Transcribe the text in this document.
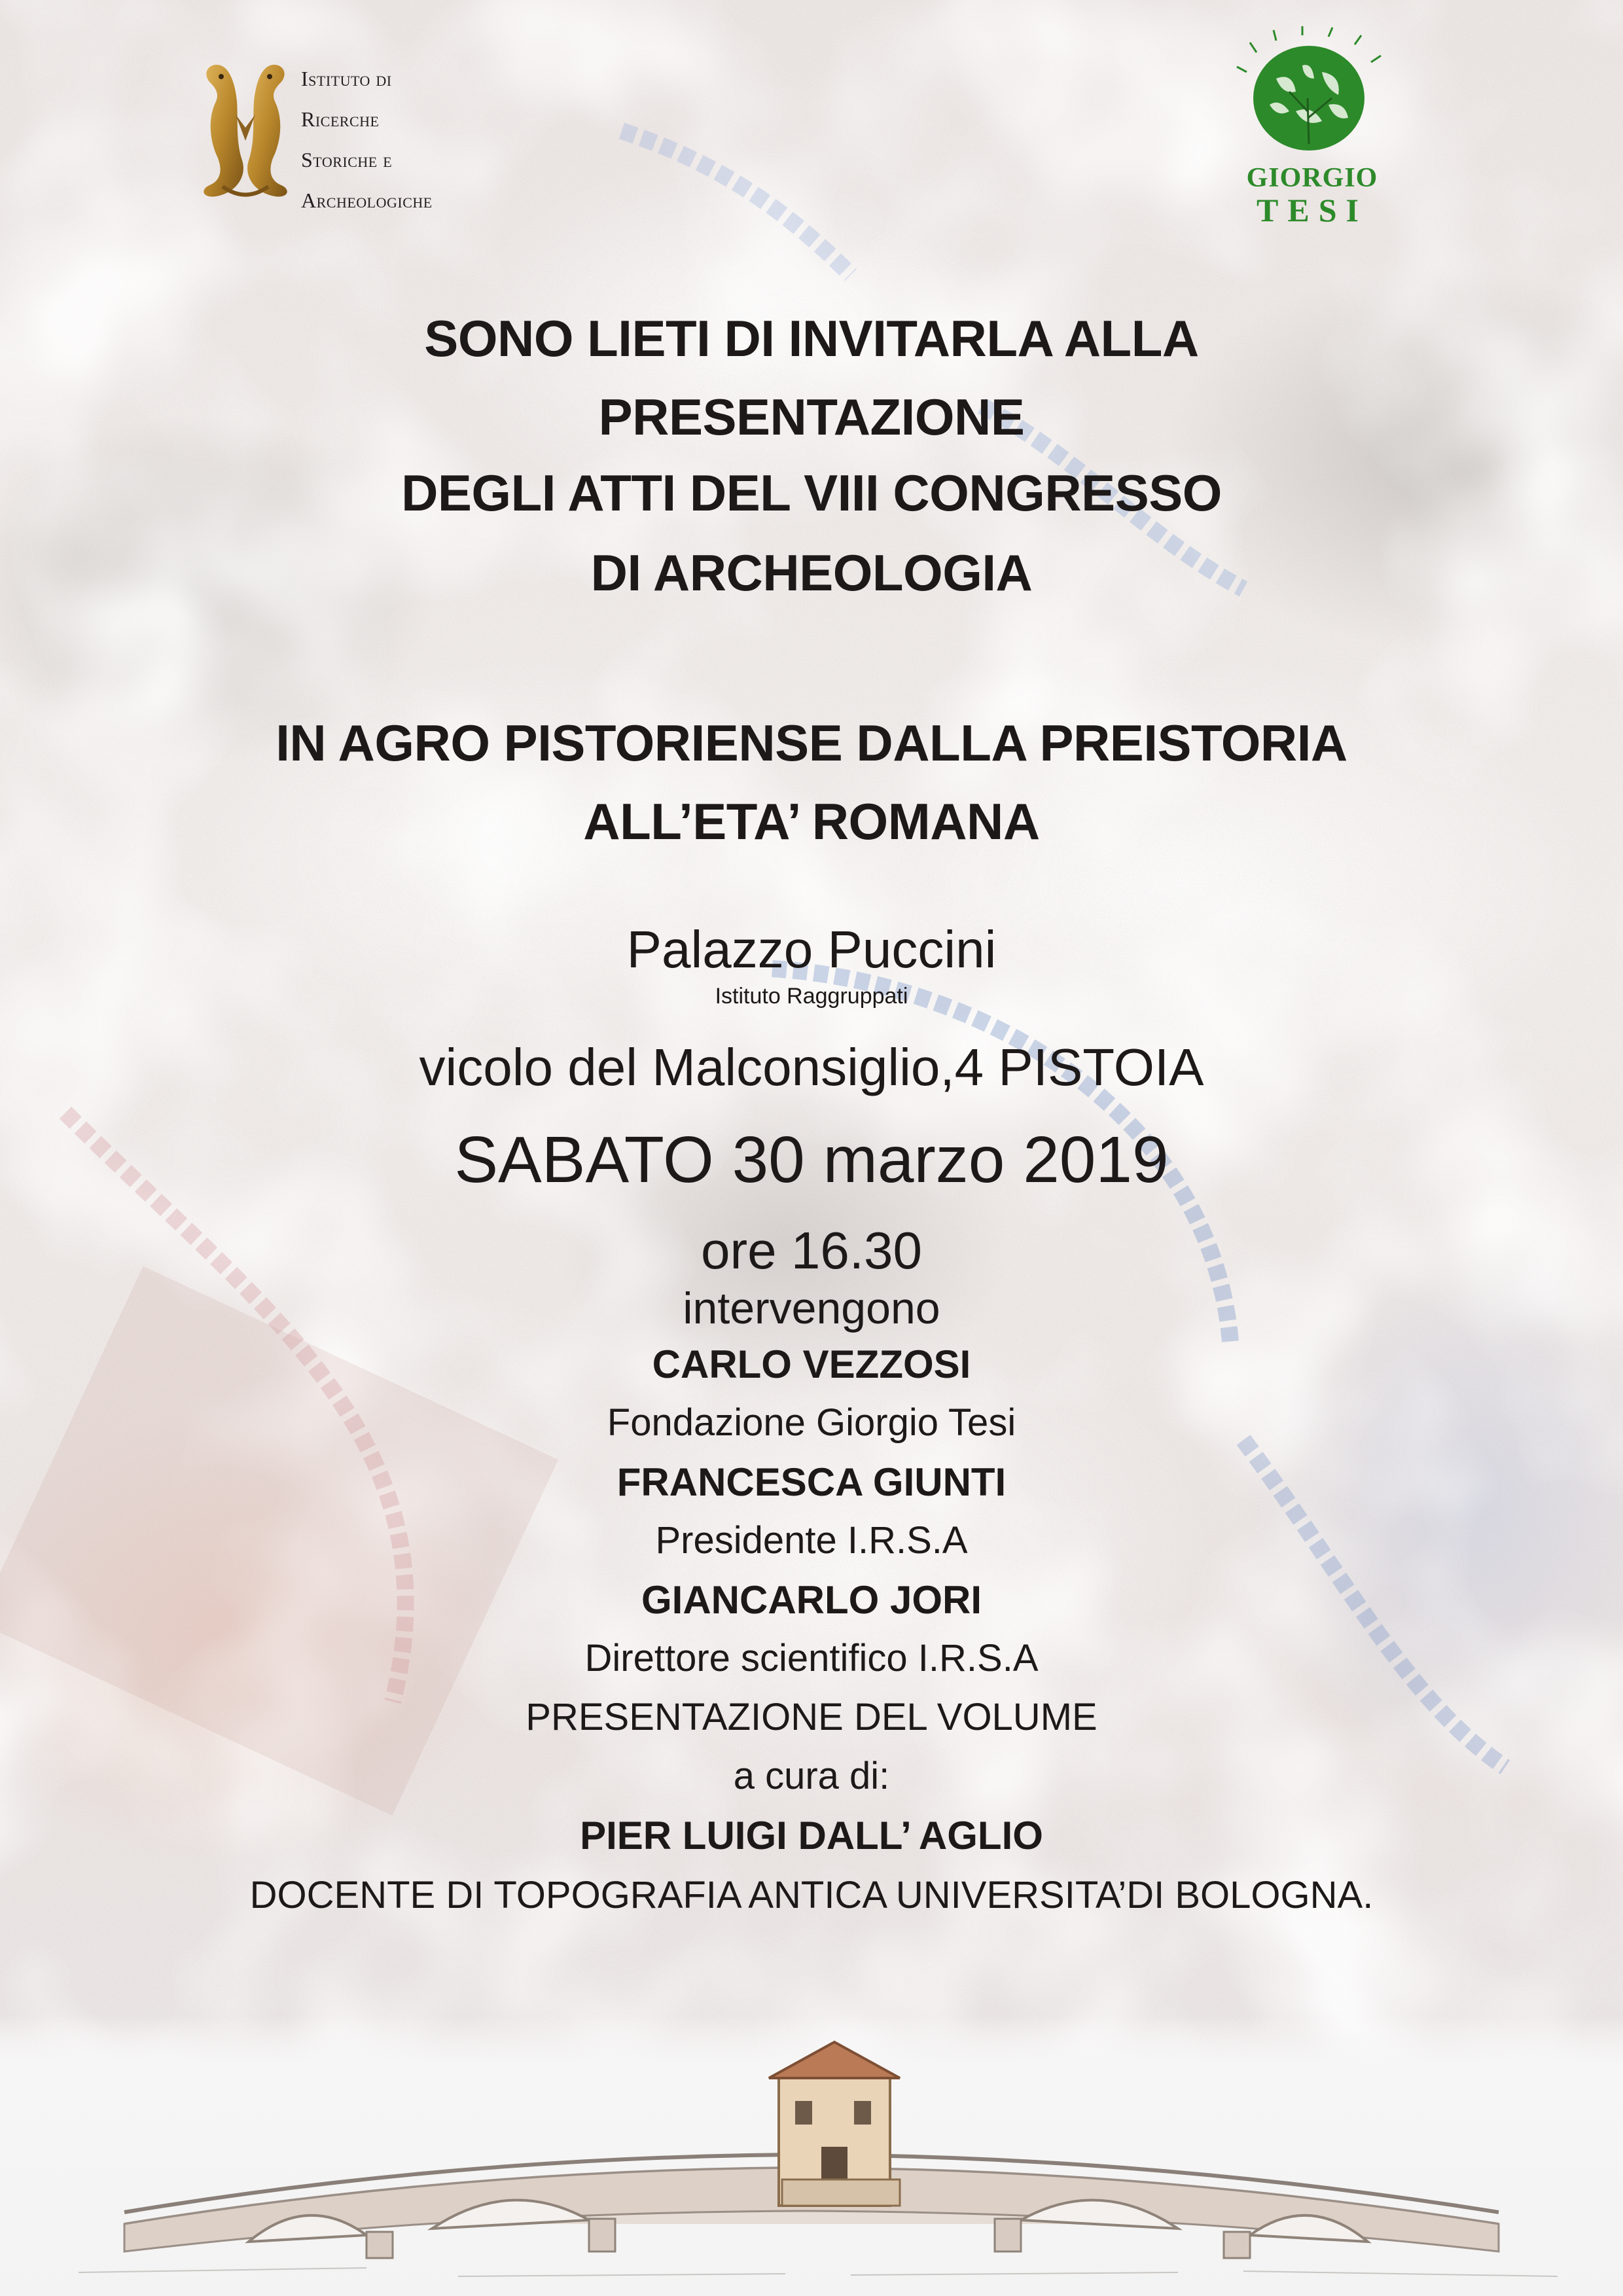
Istituto di
Ricerche
Storiche e
Archeologiche
GIORGIO
TESI
SONO LIETI DI INVITARLA ALLA
PRESENTAZIONE
DEGLI ATTI DEL VIII CONGRESSO
DI ARCHEOLOGIA
IN AGRO PISTORIENSE DALLA PREISTORIA
ALL’ETA’ ROMANA
Palazzo Puccini
Istituto Raggruppati
vicolo del Malconsiglio,4 PISTOIA
SABATO 30 marzo 2019
ore 16.30
intervengono
CARLO VEZZOSI
Fondazione Giorgio Tesi
FRANCESCA GIUNTI
Presidente I.R.S.A
GIANCARLO JORI
Direttore scientifico I.R.S.A
PRESENTAZIONE DEL VOLUME
a cura di:
PIER LUIGI DALL’ AGLIO
DOCENTE DI TOPOGRAFIA ANTICA UNIVERSITA’DI BOLOGNA.
